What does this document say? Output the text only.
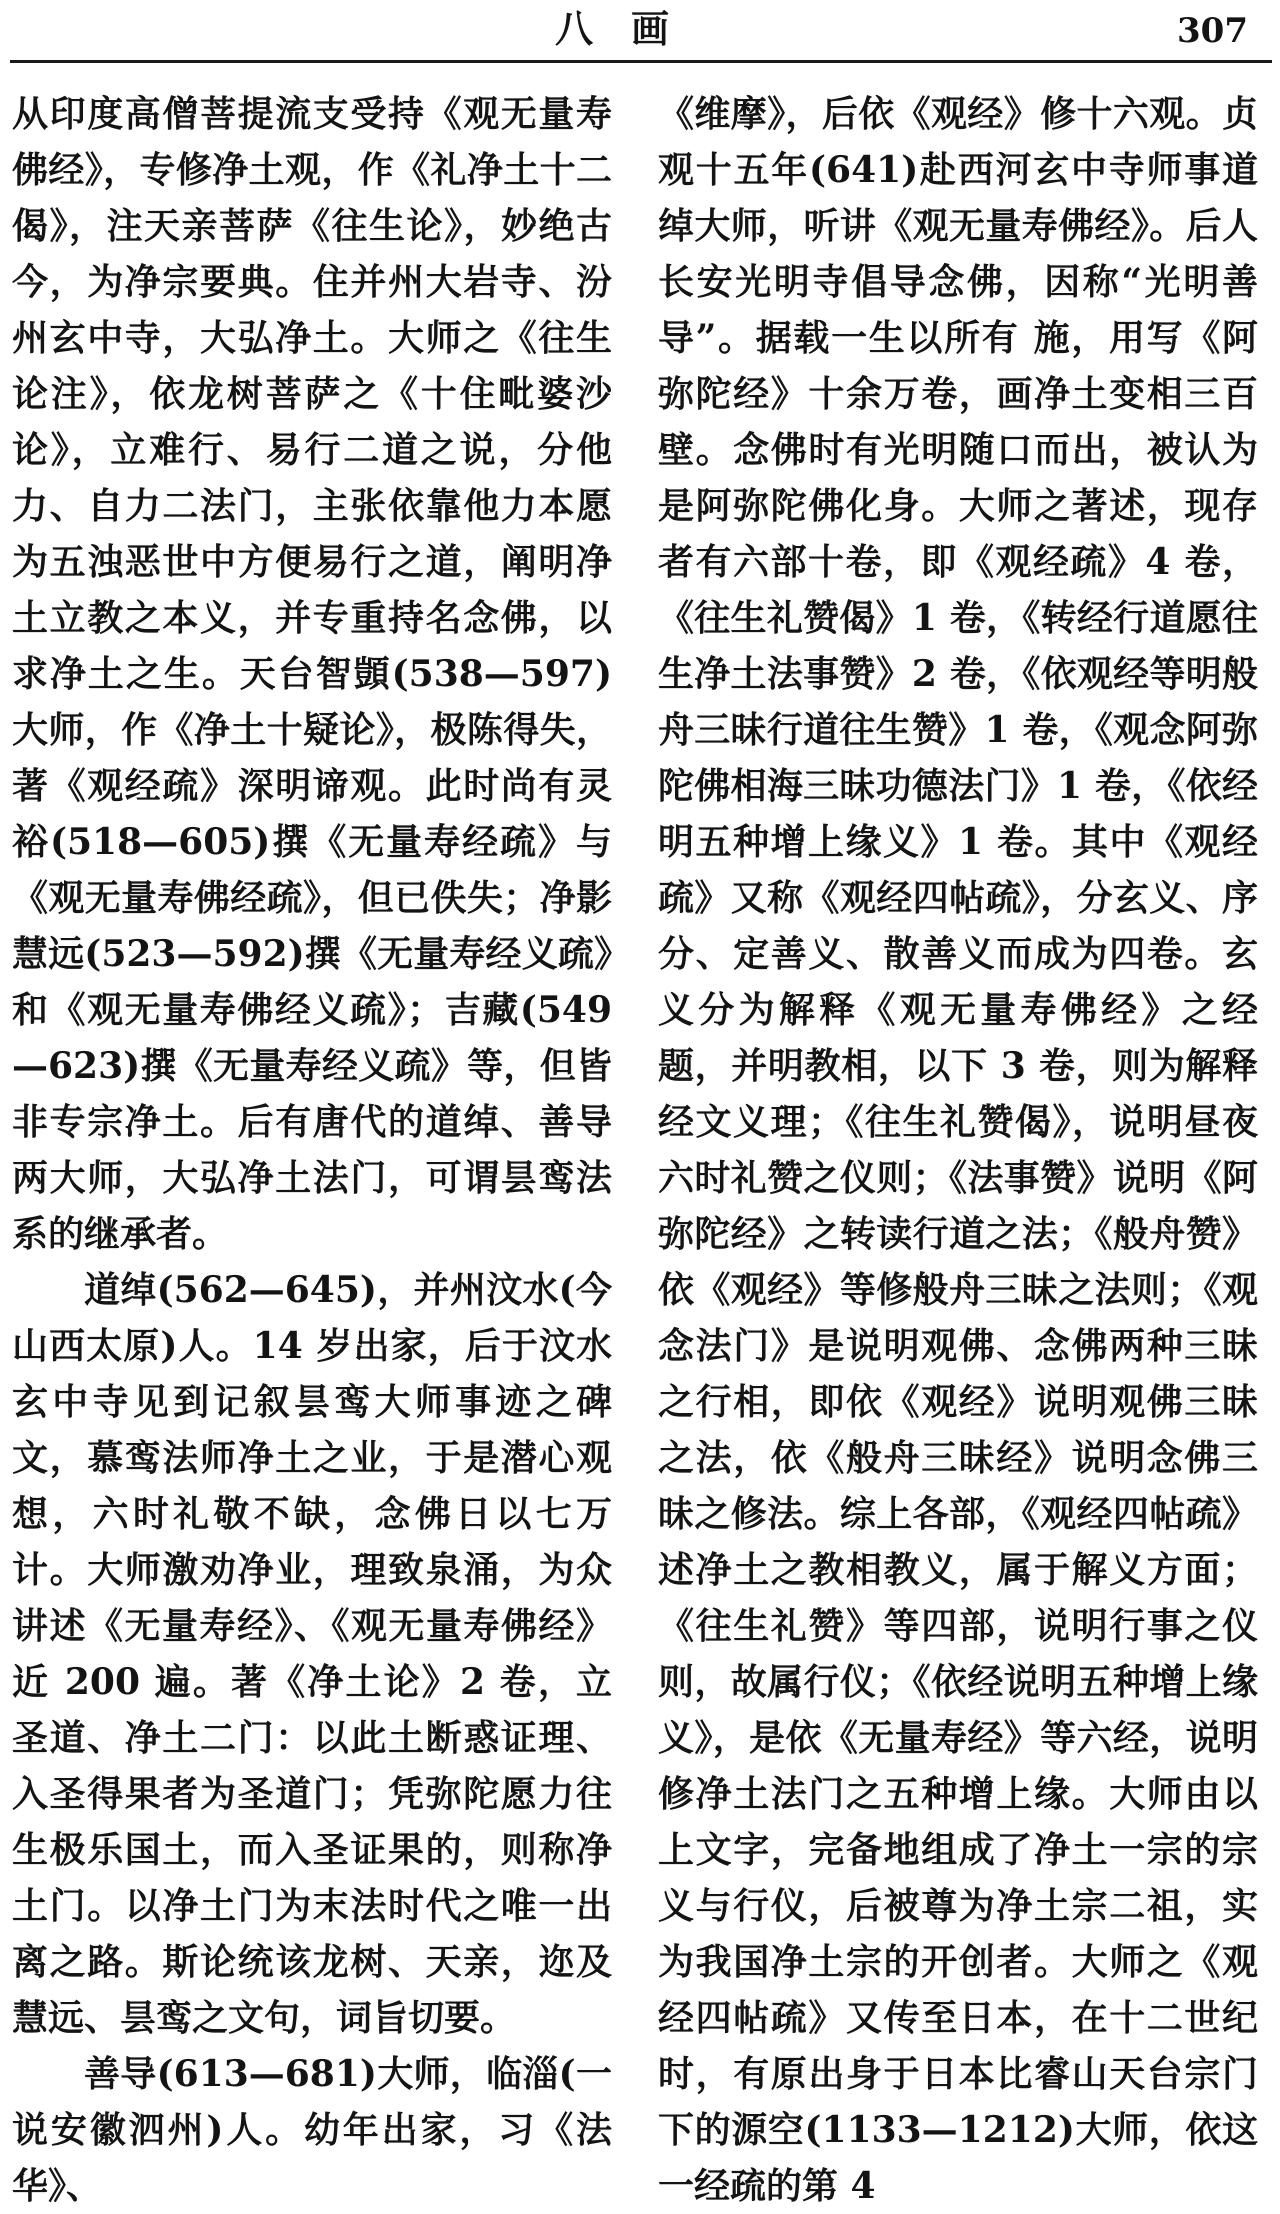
八画	307

从印度高僧菩提流支受持《观无量寿佛经》，专修净土观，作《礼净土十二偈》，注天亲菩萨《往生论》，妙绝古今，为净宗要典。住并州大岩寺、汾州玄中寺，大弘净土。大师之《往生论注》，依龙树菩萨之《十住毗婆沙论》，立难行、易行二道之说，分他力、自力二法门，主张依靠他力本愿为五浊恶世中方便易行之道，阐明净土立教之本义，并专重持名念佛，以求净土之生。天台智顗(538—597)大师，作《净土十疑论》，极陈得失，著《观经疏》深明谛观。此时尚有灵裕(518—605)撰《无量寿经疏》与《观无量寿佛经疏》，但已佚失；净影慧远(523—592)撰《无量寿经义疏》和《观无量寿佛经义疏》；吉藏(549—623)撰《无量寿经义疏》等，但皆非专宗净土。后有唐代的道绰、善导两大师，大弘净土法门，可谓昙鸾法系的继承者。

道绰(562—645)，并州汶水(今山西太原)人。14 岁出家，后于汶水玄中寺见到记叙昙鸾大师事迹之碑文，慕鸾法师净土之业，于是潜心观想，六时礼敬不缺，念佛日以七万计。大师激劝净业，理致泉涌，为众讲述《无量寿经》、《观无量寿佛经》近 200 遍。著《净土论》2 卷，立圣道、净土二门：以此土断惑证理、入圣得果者为圣道门；凭弥陀愿力往生极乐国土，而入圣证果的，则称净土门。以净土门为末法时代之唯一出离之路。斯论统该龙树、天亲，迩及慧远、昙鸾之文句，词旨切要。

善导(613—681)大师，临淄(一说安徽泗州)人。幼年出家，习《法华》、

《维摩》，后依《观经》修十六观。贞观十五年(641)赴西河玄中寺师事道绰大师，听讲《观无量寿佛经》。后人长安光明寺倡导念佛，因称“光明善导”。据载一生以所有 施，用写《阿弥陀经》十余万卷，画净土变相三百壁。念佛时有光明随口而出，被认为是阿弥陀佛化身。大师之著述，现存者有六部十卷，即《观经疏》4 卷，《往生礼赞偈》1 卷，《转经行道愿往生净土法事赞》2 卷，《依观经等明般舟三昧行道往生赞》1 卷，《观念阿弥陀佛相海三昧功德法门》1 卷，《依经明五种增上缘义》1 卷。其中《观经疏》又称《观经四帖疏》，分玄义、序分、定善义、散善义而成为四卷。玄义分为解释《观无量寿佛经》之经题，并明教相，以下 3 卷，则为解释经文义理；《往生礼赞偈》，说明昼夜六时礼赞之仪则；《法事赞》说明《阿弥陀经》之转读行道之法；《般舟赞》依《观经》等修般舟三昧之法则；《观念法门》是说明观佛、念佛两种三昧之行相，即依《观经》说明观佛三昧之法，依《般舟三昧经》说明念佛三昧之修法。综上各部，《观经四帖疏》述净土之教相教义，属于解义方面；《往生礼赞》等四部，说明行事之仪则，故属行仪；《依经说明五种增上缘义》，是依《无量寿经》等六经，说明修净土法门之五种增上缘。大师由以上文字，完备地组成了净土一宗的宗义与行仪，后被尊为净土宗二祖，实为我国净土宗的开创者。大师之《观经四帖疏》又传至日本，在十二世纪时，有原出身于日本比睿山天台宗门下的源空(1133—1212)大师，依这一经疏的第 4
